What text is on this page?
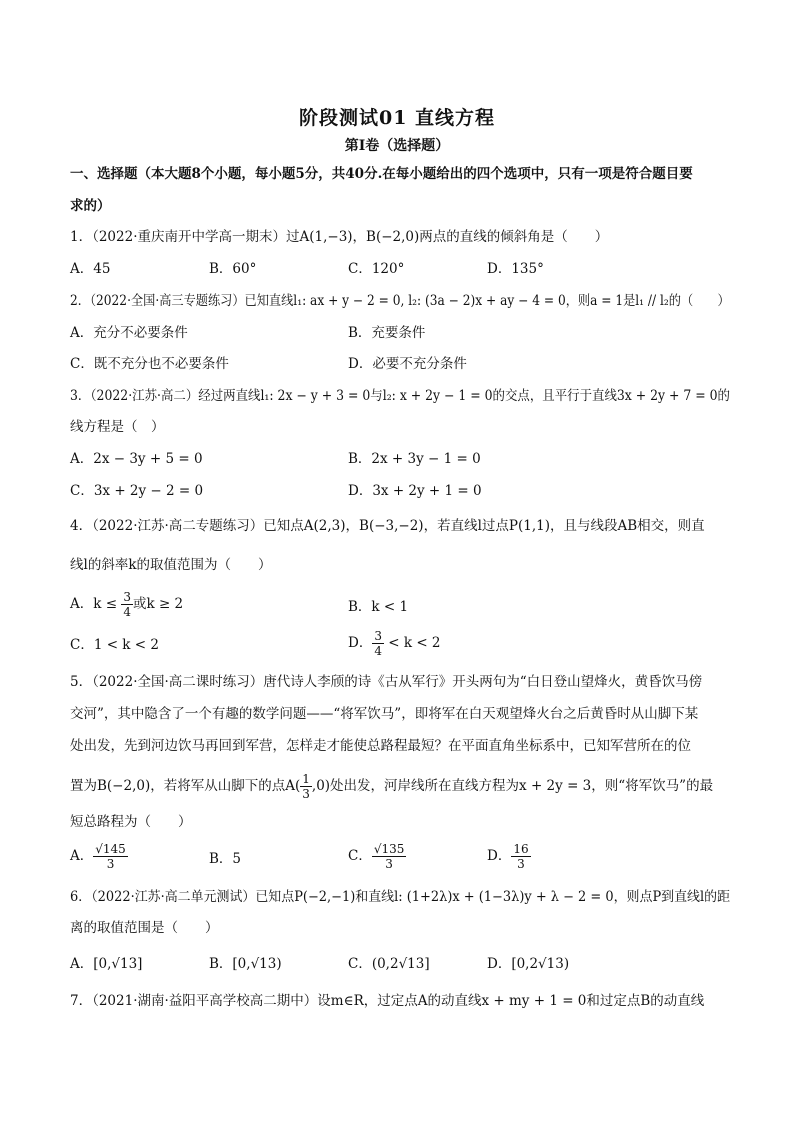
阶段测试01 直线方程
第I卷（选择题）
一、选择题（本大题8个小题，每小题5分，共40分.在每小题给出的四个选项中，只有一项是符合题目要
求的）
1．（2022·重庆南开中学高一期末）过A(1,−3)，B(−2,0)两点的直线的倾斜角是（　　）
A．45	B．60°	C．120°	D．135°
2．（2022·全国·高三专题练习）已知直线l₁: ax + y − 2 = 0, l₂: (3a − 2)x + ay − 4 = 0，则a = 1是l₁ // l₂的（　　）
A．充分不必要条件	B．充要条件
C．既不充分也不必要条件	D．必要不充分条件
3．（2022·江苏·高二）经过两直线l₁: 2x − y + 3 = 0与l₂: x + 2y − 1 = 0的交点，且平行于直线3x + 2y + 7 = 0的
线方程是（　）
A．2x − 3y + 5 = 0	B．2x + 3y − 1 = 0
C．3x + 2y − 2 = 0	D．3x + 2y + 1 = 0
4．（2022·江苏·高二专题练习）已知点A(2,3)，B(−3,−2)，若直线l过点P(1,1)，且与线段AB相交，则直
线l的斜率k的取值范围为（　　）
A．$k \le \frac{3}{4}$ 或k ≥ 2	B．k < 1
C．1 < k < 2	D． $\frac{3}{4} < k < 2$
5．（2022·全国·高二课时练习）唐代诗人李颀的诗《古从军行》开头两句为“白日登山望烽火，黄昏饮马傍
交河”，其中隐含了一个有趣的数学问题——“将军饮马”，即将军在白天观望烽火台之后黄昏时从山脚下某
处出发，先到河边饮马再回到军营，怎样走才能使总路程最短？在平面直角坐标系中，已知军营所在的位
置为B(−2,0)，若将军从山脚下的点$A( \frac{1}{3} ,0)$处出发，河岸线所在直线方程为x + 2y = 3，则“将军饮马”的最
短总路程为（　　）
A． $\frac{√145}{3}$	B．5	C． $\frac{√135}{3}$	D． $\frac{16}{3}$
6．（2022·江苏·高二单元测试）已知点P(−2,−1)和直线l: (1+2λ)x + (1−3λ)y + λ − 2 = 0，则点P到直线l的距
离的取值范围是（　　）
A．[0,√13]	B．[0,√13)	C．(0,2√13]	D．[0,2√13)
7．（2021·湖南·益阳平高学校高二期中）设m∈R，过定点A的动直线x + my + 1 = 0和过定点B的动直线
